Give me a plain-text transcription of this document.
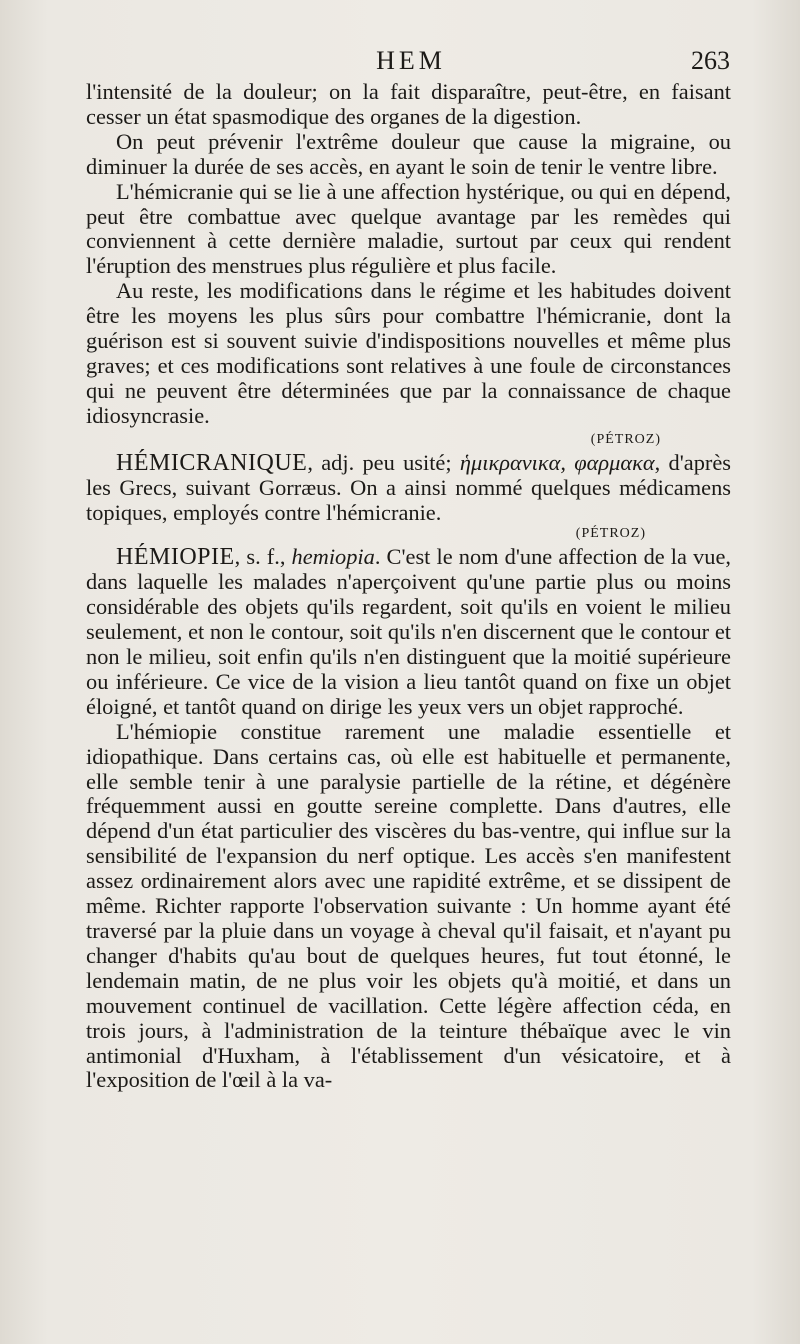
HEM	263

l'intensité de la douleur; on la fait disparaître, peut-être, en faisant cesser un état spasmodique des organes de la digestion.

On peut prévenir l'extrême douleur que cause la migraine, ou diminuer la durée de ses accès, en ayant le soin de tenir le ventre libre.

L'hémicranie qui se lie à une affection hystérique, ou qui en dépend, peut être combattue avec quelque avantage par les remèdes qui conviennent à cette dernière maladie, surtout par ceux qui rendent l'éruption des menstrues plus régulière et plus facile.

Au reste, les modifications dans le régime et les habitudes doivent être les moyens les plus sûrs pour combattre l'hémicranie, dont la guérison est si souvent suivie d'indispositions nouvelles et même plus graves; et ces modifications sont relatives à une foule de circonstances qui ne peuvent être déterminées que par la connaissance de chaque idiosyncrasie.

(PÉTROZ)

HÉMICRANIQUE, adj. peu usité; ἡμικρανικα, φαρμακα, d'après les Grecs, suivant Gorræus. On a ainsi nommé quelques médicamens topiques, employés contre l'hémicranie.

(PÉTROZ)

HÉMIOPIE, s. f., hemiopia. C'est le nom d'une affection de la vue, dans laquelle les malades n'aperçoivent qu'une partie plus ou moins considérable des objets qu'ils regardent, soit qu'ils en voient le milieu seulement, et non le contour, soit qu'ils n'en discernent que le contour et non le milieu, soit enfin qu'ils n'en distinguent que la moitié supérieure ou inférieure. Ce vice de la vision a lieu tantôt quand on fixe un objet éloigné, et tantôt quand on dirige les yeux vers un objet rapproché.

L'hémiopie constitue rarement une maladie essentielle et idiopathique. Dans certains cas, où elle est habituelle et permanente, elle semble tenir à une paralysie partielle de la rétine, et dégénère fréquemment aussi en goutte sereine complette. Dans d'autres, elle dépend d'un état particulier des viscères du bas-ventre, qui influe sur la sensibilité de l'expansion du nerf optique. Les accès s'en manifestent assez ordinairement alors avec une rapidité extrême, et se dissipent de même. Richter rapporte l'observation suivante : Un homme ayant été traversé par la pluie dans un voyage à cheval qu'il faisait, et n'ayant pu changer d'habits qu'au bout de quelques heures, fut tout étonné, le lendemain matin, de ne plus voir les objets qu'à moitié, et dans un mouvement continuel de vacillation. Cette légère affection céda, en trois jours, à l'administration de la teinture thébaïque avec le vin antimonial d'Huxham, à l'établissement d'un vésicatoire, et à l'exposition de l'œil à la va-
